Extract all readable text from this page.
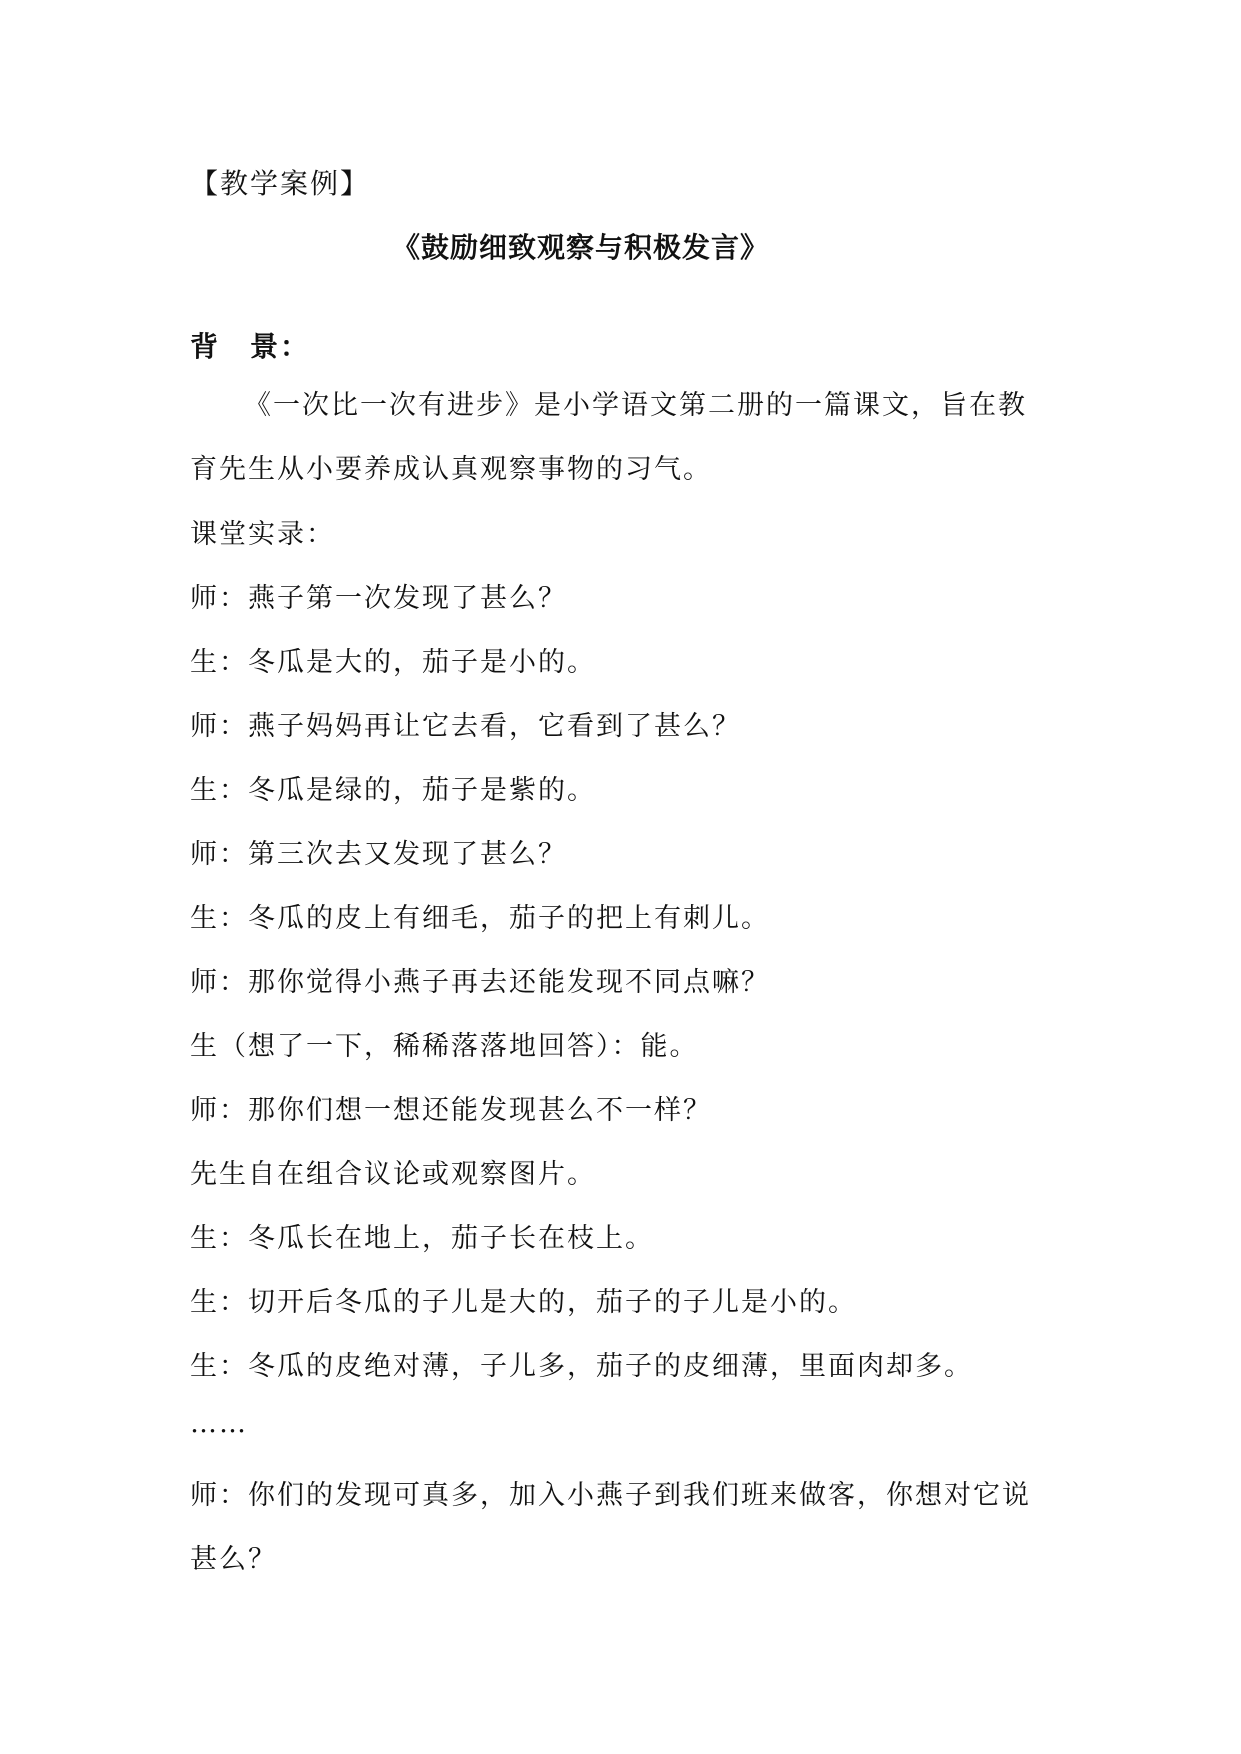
【教学案例】
《鼓励细致观察与积极发言》
背　景：
《一次比一次有进步》是小学语文第二册的一篇课文，旨在教
育先生从小要养成认真观察事物的习气。
课堂实录：
师：燕子第一次发现了甚么？
生：冬瓜是大的，茄子是小的。
师：燕子妈妈再让它去看，它看到了甚么？
生：冬瓜是绿的，茄子是紫的。
师：第三次去又发现了甚么？
生：冬瓜的皮上有细毛，茄子的把上有刺儿。
师：那你觉得小燕子再去还能发现不同点嘛？
生（想了一下，稀稀落落地回答）：能。
师：那你们想一想还能发现甚么不一样？
先生自在组合议论或观察图片。
生：冬瓜长在地上，茄子长在枝上。
生：切开后冬瓜的子儿是大的，茄子的子儿是小的。
生：冬瓜的皮绝对薄，子儿多，茄子的皮细薄，里面肉却多。
……
师：你们的发现可真多，加入小燕子到我们班来做客，你想对它说
甚么？
